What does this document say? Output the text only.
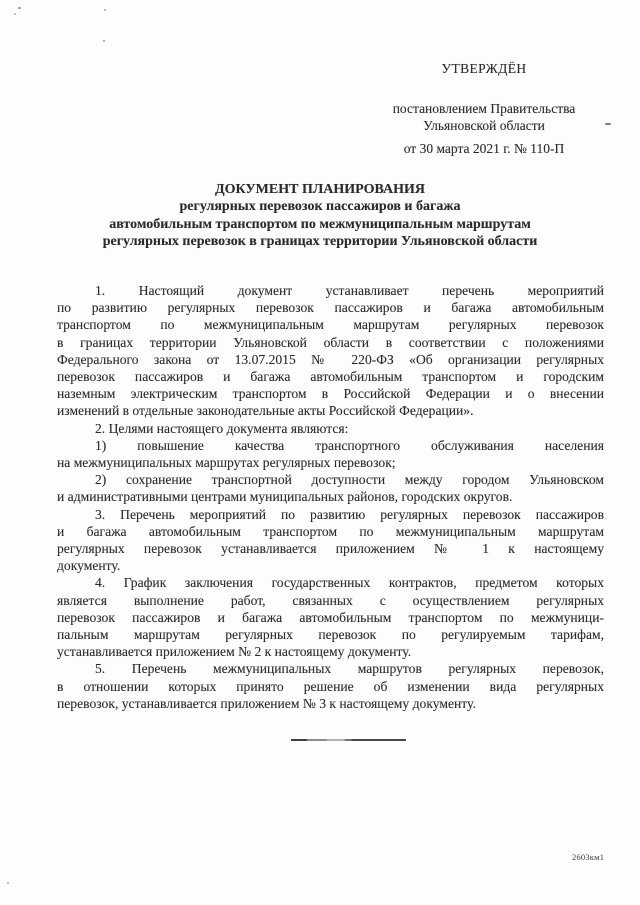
УТВЕРЖДЁН
постановлением Правительства
Ульяновской области
от 30 марта 2021 г. № 110-П
ДОКУМЕНТ ПЛАНИРОВАНИЯ
регулярных перевозок пассажиров и багажа
автомобильным транспортом по межмуниципальным маршрутам
регулярных перевозок в границах территории Ульяновской области
1. Настоящий документ устанавливает перечень мероприятий
по развитию регулярных перевозок пассажиров и багажа автомобильным
транспортом по межмуниципальным маршрутам регулярных перевозок
в границах территории Ульяновской области в соответствии с положениями
Федерального закона от 13.07.2015 № 220-ФЗ «Об организации регулярных
перевозок пассажиров и багажа автомобильным транспортом и городским
наземным электрическим транспортом в Российской Федерации и о внесении
изменений в отдельные законодательные акты Российской Федерации».
2. Целями настоящего документа являются:
1) повышение качества транспортного обслуживания населения
на межмуниципальных маршрутах регулярных перевозок;
2) сохранение транспортной доступности между городом Ульяновском
и административными центрами муниципальных районов, городских округов.
3. Перечень мероприятий по развитию регулярных перевозок пассажиров
и багажа автомобильным транспортом по межмуниципальным маршрутам
регулярных перевозок устанавливается приложением № 1 к настоящему
документу.
4. График заключения государственных контрактов, предметом которых
является выполнение работ, связанных с осуществлением регулярных
перевозок пассажиров и багажа автомобильным транспортом по межмуници-
пальным маршрутам регулярных перевозок по регулируемым тарифам,
устанавливается приложением № 2 к настоящему документу.
5. Перечень межмуниципальных маршрутов регулярных перевозок,
в отношении которых принято решение об изменении вида регулярных
перевозок, устанавливается приложением № 3 к настоящему документу.
2603км1
